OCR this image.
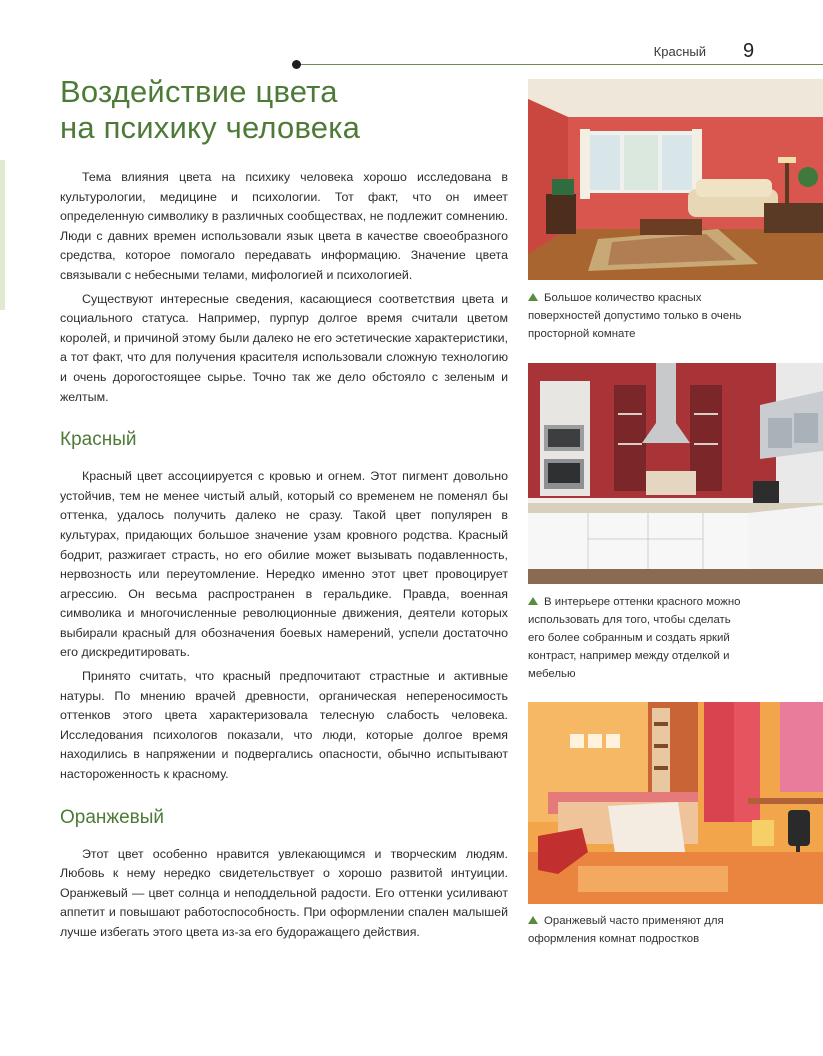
Красный 9
Воздействие цвета
на психику человека

Тема влияния цвета на психику человека хорошо исследована в культурологии, медицине и психологии. Тот факт, что он имеет определенную символику в различных сообществах, не подлежит сомнению. Люди с давних времен использовали язык цвета в качестве своеобразного средства, которое помогало передавать информацию. Значение цвета связывали с небесными телами, мифологией и психологией.

Существуют интересные сведения, касающиеся соответствия цвета и социального статуса. Например, пурпур долгое время считали цветом королей, и причиной этому были далеко не его эстетические характеристики, а тот факт, что для получения красителя использовали сложную технологию и очень дорогостоящее сырье. Точно так же дело обстояло с зеленым и желтым.

Красный

Красный цвет ассоциируется с кровью и огнем. Этот пигмент довольно устойчив, тем не менее чистый алый, который со временем не поменял бы оттенка, удалось получить далеко не сразу. Такой цвет популярен в культурах, придающих большое значение узам кровного родства. Красный бодрит, разжигает страсть, но его обилие может вызывать подавленность, нервозность или переутомление. Нередко именно этот цвет провоцирует агрессию. Он весьма распространен в геральдике. Правда, военная символика и многочисленные революционные движения, деятели которых выбирали красный для обозначения боевых намерений, успели достаточно его дискредитировать.

Принято считать, что красный предпочитают страстные и активные натуры. По мнению врачей древности, органическая непереносимость оттенков этого цвета характеризовала телесную слабость человека. Исследования психологов показали, что люди, которые долгое время находились в напряжении и подвергались опасности, обычно испытывают настороженность к красному.

Оранжевый

Этот цвет особенно нравится увлекающимся и творческим людям. Любовь к нему нередко свидетельствует о хорошо развитой интуиции. Оранжевый — цвет солнца и неподдельной радости. Его оттенки усиливают аппетит и повышают работоспособность. При оформлении спален малышей лучше избегать этого цвета из-за его будоражащего действия.

Большое количество красных поверхностей допустимо только в очень просторной комнате
В интерьере оттенки красного можно использовать для того, чтобы сделать его более собранным и создать яркий контраст, например между отделкой и мебелью
Оранжевый часто применяют для оформления комнат подростков
